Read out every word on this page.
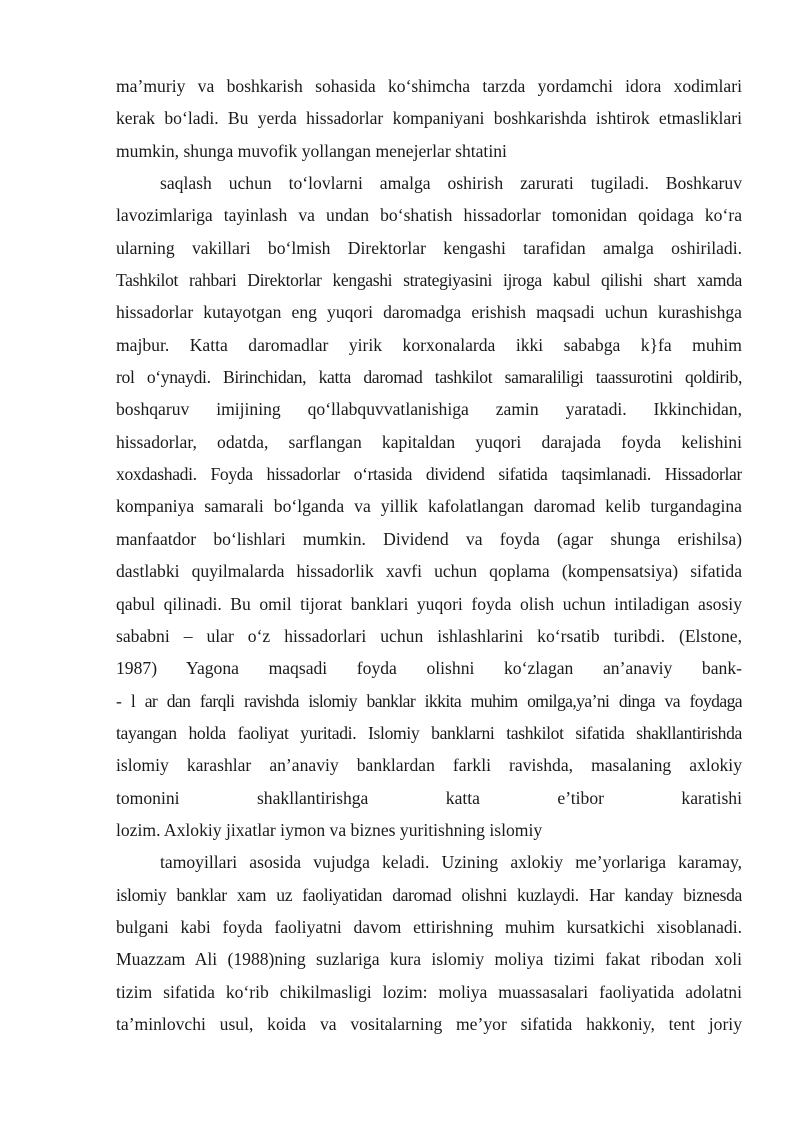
ma’muriy va boshkarish sohasida ko‘shimcha tarzda yordamchi idora xodimlari
kerak bo‘ladi. Bu yerda hissadorlar kompaniyani boshkarishda ishtirok etmasliklari
mumkin, shunga muvofik yollangan menejerlar shtatini
saqlash uchun to‘lovlarni amalga oshirish zarurati tugiladi. Boshkaruv
lavozimlariga tayinlash va undan bo‘shatish hissadorlar tomonidan qoidaga ko‘ra
ularning vakillari bo‘lmish Direktorlar kengashi tarafidan amalga oshiriladi.
Tashkilot rahbari Direktorlar kengashi strategiyasini ijroga kabul qilishi shart xamda
hissadorlar kutayotgan eng yuqori daromadga erishish maqsadi uchun kurashishga
majbur. Katta daromadlar yirik korxonalarda ikki sababga k}fa muhim
rol o‘ynaydi. Birinchidan, katta daromad tashkilot samaraliligi taassurotini qoldirib,
boshqaruv imijining qo‘llabquvvatlanishiga zamin yaratadi. Ikkinchidan,
hissadorlar, odatda, sarflangan kapitaldan yuqori darajada foyda kelishini
xoxdashadi. Foyda hissadorlar o‘rtasida dividend sifatida taqsimlanadi. Hissadorlar
kompaniya samarali bo‘lganda va yillik kafolatlangan daromad kelib turgandagina
manfaatdor bo‘lishlari mumkin. Dividend va foyda (agar shunga erishilsa)
dastlabki quyilmalarda hissadorlik xavfi uchun qoplama (kompensatsiya) sifatida
qabul qilinadi. Bu omil tijorat banklari yuqori foyda olish uchun intiladigan asosiy
sababni – ular o‘z hissadorlari uchun ishlashlarini ko‘rsatib turibdi. (Elstone,
1987) Yagona maqsadi foyda olishni ko‘zlagan an’anaviy bank-
- l ar dan farqli ravishda islomiy banklar ikkita muhim omilga,ya’ni dinga va foydaga
tayangan holda faoliyat yuritadi. Islomiy banklarni tashkilot sifatida shakllantirishda
islomiy karashlar an’anaviy banklardan farkli ravishda, masalaning axlokiy
tomonini shakllantirishga katta e’tibor karatishi
lozim. Axlokiy jixatlar iymon va biznes yuritishning islomiy
tamoyillari asosida vujudga keladi. Uzining axlokiy me’yorlariga karamay,
islomiy banklar xam uz faoliyatidan daromad olishni kuzlaydi. Har kanday biznesda
bulgani kabi foyda faoliyatni davom ettirishning muhim kursatkichi xisoblanadi.
Muazzam Ali (1988)ning suzlariga kura islomiy moliya tizimi fakat ribodan xoli
tizim sifatida ko‘rib chikilmasligi lozim: moliya muassasalari faoliyatida adolatni
ta’minlovchi usul, koida va vositalarning me’yor sifatida hakkoniy, tent joriy
